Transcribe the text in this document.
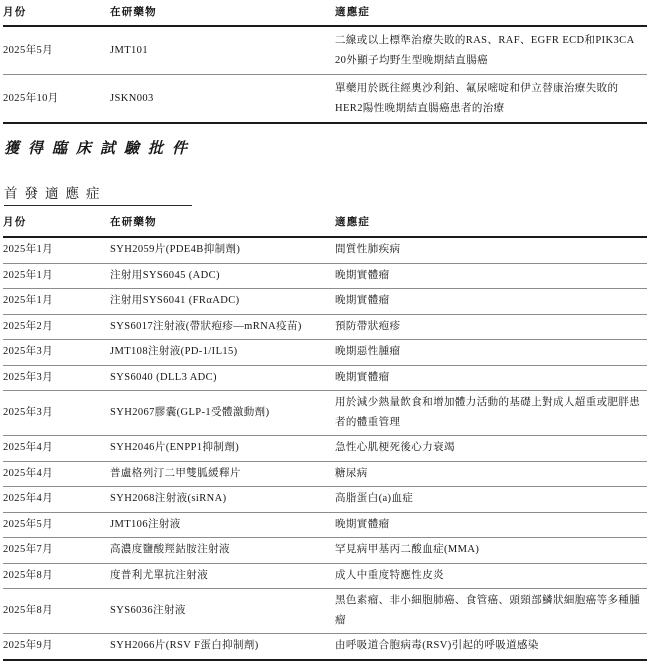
月份	在研藥物	適應症
2025年5月	JMT101	二線或以上標準治療失敗的RAS、RAF、EGFR ECD和PIK3CA 20外顯子均野生型晚期結直腸癌
2025年10月	JSKN003	單藥用於既往經奧沙利鉑、氟尿嘧啶和伊立替康治療失敗的HER2陽性晚期結直腸癌患者的治療
獲得臨床試驗批件

首發適應症
月份	在研藥物	適應症
2025年1月	SYH2059片(PDE4B抑制劑)	間質性肺疾病
2025年1月	注射用SYS6045 (ADC)	晚期實體瘤
2025年1月	注射用SYS6041 (FRαADC)	晚期實體瘤
2025年2月	SYS6017注射液(帶狀疱疹—mRNA疫苗)	預防帶狀疱疹
2025年3月	JMT108注射液(PD-1/IL15)	晚期惡性腫瘤
2025年3月	SYS6040 (DLL3 ADC)	晚期實體瘤
2025年3月	SYH2067膠囊(GLP-1受體激動劑)	用於減少熱量飲食和增加體力活動的基礎上對成人超重或肥胖患者的體重管理
2025年4月	SYH2046片(ENPP1抑制劑)	急性心肌梗死後心力衰竭
2025年4月	普盧格列汀二甲雙胍緩釋片	糖尿病
2025年4月	SYH2068注射液(siRNA)	高脂蛋白(a)血症
2025年5月	JMT106注射液	晚期實體瘤
2025年7月	高濃度鹽酸羥鈷胺注射液	罕見病甲基丙二酸血症(MMA)
2025年8月	度普利尤單抗注射液	成人中重度特應性皮炎
2025年8月	SYS6036注射液	黑色素瘤、非小細胞肺癌、食管癌、頭頸部鱗狀細胞癌等多種腫瘤
2025年9月	SYH2066片(RSV F蛋白抑制劑)	由呼吸道合胞病毒(RSV)引起的呼吸道感染
